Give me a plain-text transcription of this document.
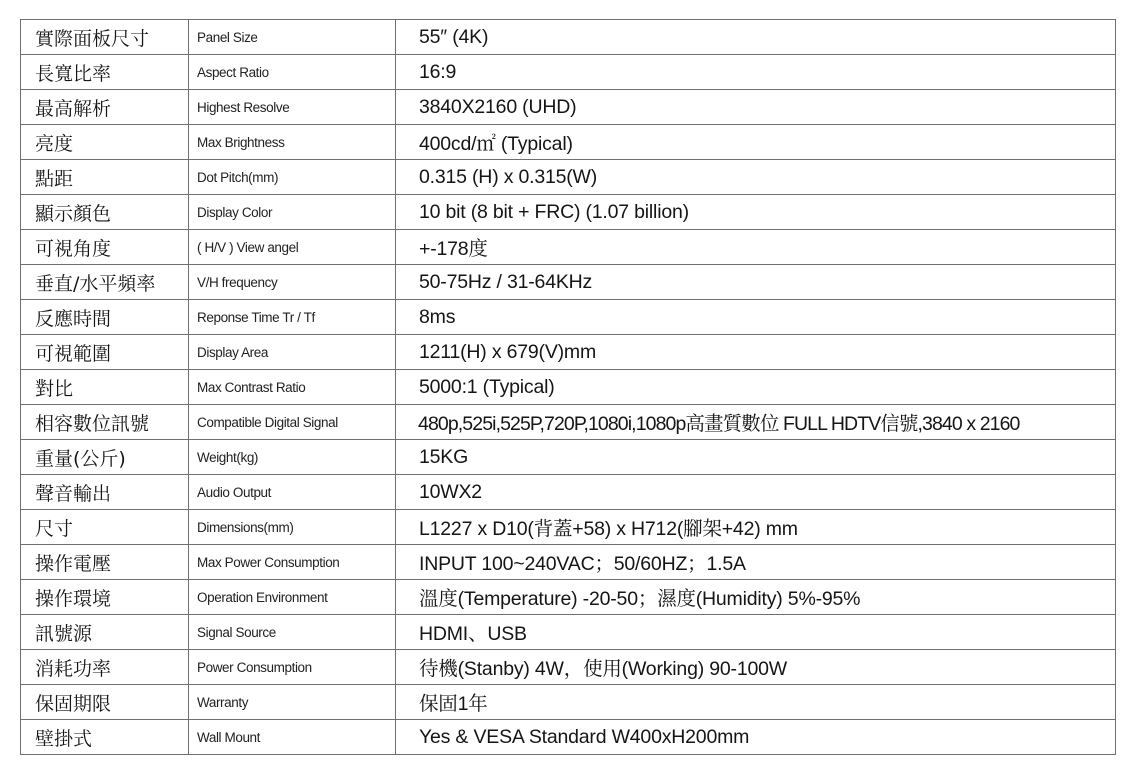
實際面板尺寸	Panel Size	55″ (4K)
長寬比率	Aspect Ratio	16:9
最高解析	Highest Resolve	3840X2160 (UHD)
亮度	Max Brightness	400cd/㎡ (Typical)
點距	Dot Pitch(mm)	0.315 (H) x 0.315(W)
顯示顏色	Display Color	10 bit (8 bit + FRC) (1.07 billion)
可視角度	( H/V ) View angel	+-178度
垂直/水平頻率	V/H frequency	50-75Hz / 31-64KHz
反應時間	Reponse Time Tr / Tf	8ms
可視範圍	Display Area	1211(H) x 679(V)mm
對比	Max Contrast Ratio	5000:1 (Typical)
相容數位訊號	Compatible Digital Signal	480p,525i,525P,720P,1080i,1080p高畫質數位 FULL HDTV信號,3840 x 2160
重量(公斤)	Weight(kg)	15KG
聲音輸出	Audio Output	10WX2
尺寸	Dimensions(mm)	L1227 x D10(背蓋+58) x H712(腳架+42) mm
操作電壓	Max Power Consumption	INPUT 100~240VAC；50/60HZ；1.5A
操作環境	Operation Environment	溫度(Temperature) -20-50；濕度(Humidity) 5%-95%
訊號源	Signal Source	HDMI、USB
消耗功率	Power Consumption	待機(Stanby) 4W，使用(Working) 90-100W
保固期限	Warranty	保固1年
壁掛式	Wall Mount	Yes & VESA Standard W400xH200mm
